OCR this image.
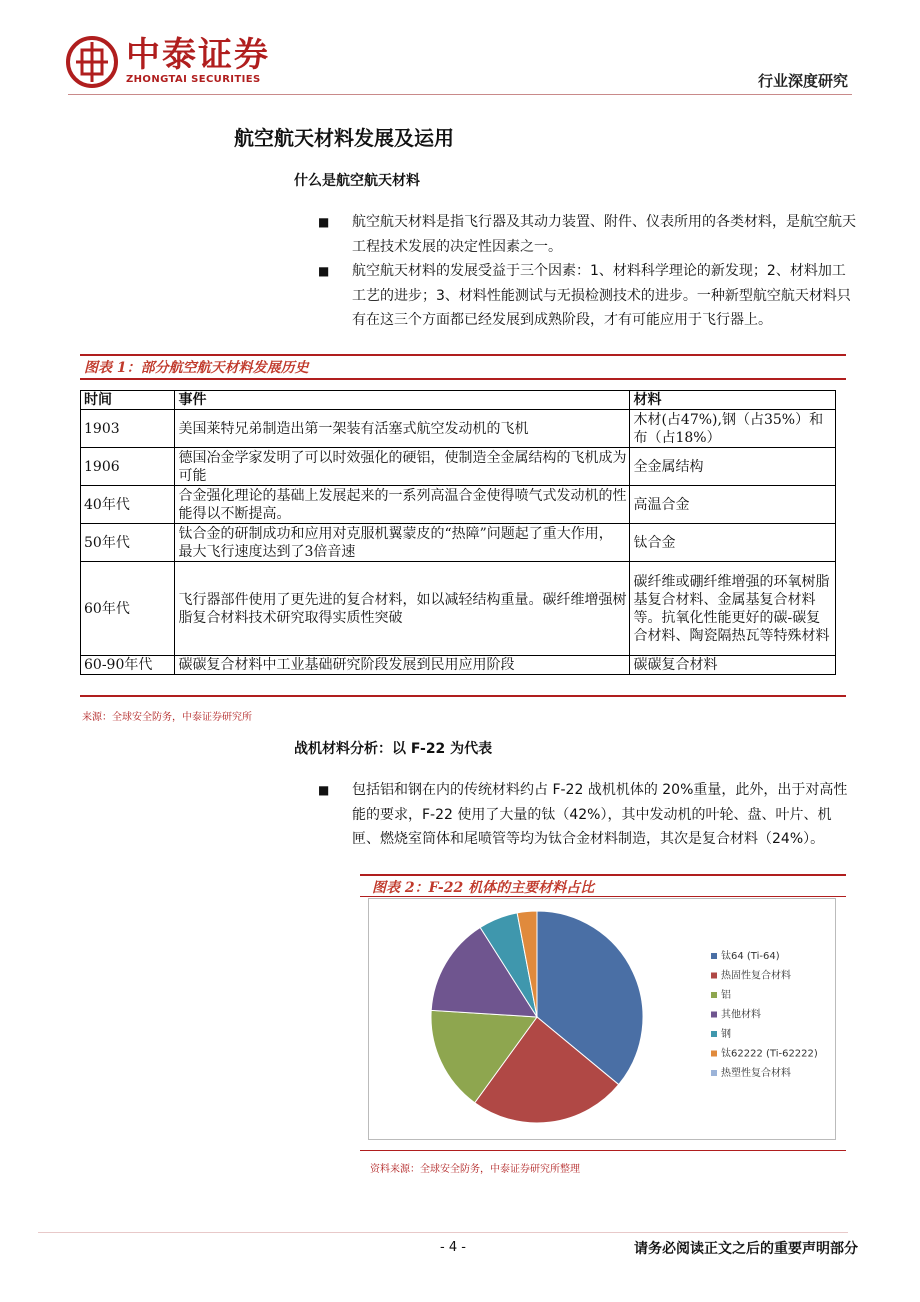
中泰证券
ZHONGTAI SECURITIES	行业深度研究
航空航天材料发展及运用
什么是航空航天材料
■ 航空航天材料是指飞行器及其动力装置、附件、仪表所用的各类材料，是航空航天工程技术发展的决定性因素之一。
■ 航空航天材料的发展受益于三个因素：1、材料科学理论的新发现；2、材料加工工艺的进步；3、材料性能测试与无损检测技术的进步。一种新型航空航天材料只有在这三个方面都已经发展到成熟阶段，才有可能应用于飞行器上。
图表 1：部分航空航天材料发展历史
时间	事件	材料
1903	美国莱特兄弟制造出第一架装有活塞式航空发动机的飞机	木材(占47%),钢（占35%）和布（占18%）
1906	德国冶金学家发明了可以时效强化的硬铝，使制造全金属结构的飞机成为可能	全金属结构
40年代	合金强化理论的基础上发展起来的一系列高温合金使得喷气式发动机的性能得以不断提高。	高温合金
50年代	钛合金的研制成功和应用对克服机翼蒙皮的“热障”问题起了重大作用，最大飞行速度达到了3倍音速	钛合金
60年代	飞行器部件使用了更先进的复合材料，如以减轻结构重量。碳纤维增强树脂复合材料技术研究取得实质性突破	碳纤维或硼纤维增强的环氧树脂基复合材料、金属基复合材料等。抗氧化性能更好的碳-碳复合材料、陶瓷隔热瓦等特殊材料
60-90年代	碳碳复合材料中工业基础研究阶段发展到民用应用阶段	碳碳复合材料
来源：全球安全防务，中泰证券研究所
战机材料分析：以 F-22 为代表
■ 包括铝和钢在内的传统材料约占 F-22 战机机体的 20%重量，此外，出于对高性能的要求，F-22 使用了大量的钛（42%），其中发动机的叶轮、盘、叶片、机匣、燃烧室筒体和尾喷管等均为钛合金材料制造，其次是复合材料（24%）。
图表 2：F-22 机体的主要材料占比
钛64 (Ti-64)
热固性复合材料
铝
其他材料
钢
钛62222 (Ti-62222)
热塑性复合材料
资料来源：全球安全防务，中泰证券研究所整理
- 4 -	请务必阅读正文之后的重要声明部分
